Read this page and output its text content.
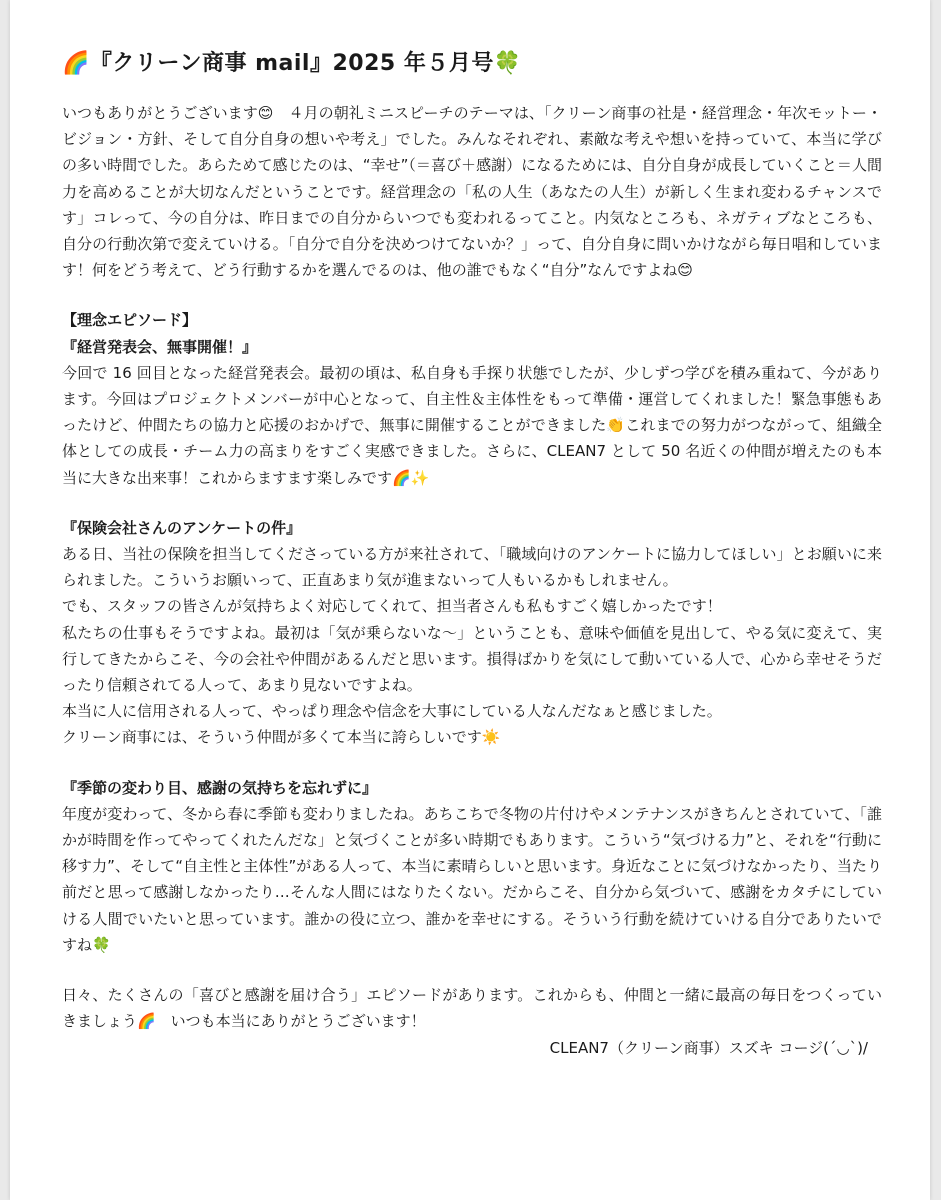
🌈『クリーン商事 mail』2025 年５月号🍀

いつもありがとうございます😊　４月の朝礼ミニスピーチのテーマは、「クリーン商事の社是・経営理念・年次モットー・ビジョン・方針、そして自分自身の想いや考え」でした。みんなそれぞれ、素敵な考えや想いを持っていて、本当に学びの多い時間でした。あらためて感じたのは、“幸せ”（＝喜び＋感謝）になるためには、自分自身が成長していくこと＝人間力を高めることが大切なんだということです。経営理念の「私の人生（あなたの人生）が新しく生まれ変わるチャンスです」コレって、今の自分は、昨日までの自分からいつでも変われるってこと。内気なところも、ネガティブなところも、自分の行動次第で変えていける。「自分で自分を決めつけてないか？」って、自分自身に問いかけながら毎日唱和しています！何をどう考えて、どう行動するかを選んでるのは、他の誰でもなく“自分”なんですよね😊

【理念エピソード】

『経営発表会、無事開催！』

今回で 16 回目となった経営発表会。最初の頃は、私自身も手探り状態でしたが、少しずつ学びを積み重ねて、今があります。今回はプロジェクトメンバーが中心となって、自主性＆主体性をもって準備・運営してくれました！緊急事態もあったけど、仲間たちの協力と応援のおかげで、無事に開催することができました👏これまでの努力がつながって、組織全体としての成長・チーム力の高まりをすごく実感できました。さらに、CLEAN7 として 50 名近くの仲間が増えたのも本当に大きな出来事！これからますます楽しみです🌈✨

『保険会社さんのアンケートの件』

ある日、当社の保険を担当してくださっている方が来社されて、「職域向けのアンケートに協力してほしい」とお願いに来られました。こういうお願いって、正直あまり気が進まないって人もいるかもしれません。
でも、スタッフの皆さんが気持ちよく対応してくれて、担当者さんも私もすごく嬉しかったです！
私たちの仕事もそうですよね。最初は「気が乗らないな～」ということも、意味や価値を見出して、やる気に変えて、実行してきたからこそ、今の会社や仲間があるんだと思います。損得ばかりを気にして動いている人で、心から幸せそうだったり信頼されてる人って、あまり見ないですよね。
本当に人に信用される人って、やっぱり理念や信念を大事にしている人なんだなぁと感じました。
クリーン商事には、そういう仲間が多くて本当に誇らしいです☀️

『季節の変わり目、感謝の気持ちを忘れずに』

年度が変わって、冬から春に季節も変わりましたね。あちこちで冬物の片付けやメンテナンスがきちんとされていて、「誰かが時間を作ってやってくれたんだな」と気づくことが多い時期でもあります。こういう“気づける力”と、それを“行動に移す力”、そして“自主性と主体性”がある人って、本当に素晴らしいと思います。身近なことに気づけなかったり、当たり前だと思って感謝しなかったり…そんな人間にはなりたくない。だからこそ、自分から気づいて、感謝をカタチにしていける人間でいたいと思っています。誰かの役に立つ、誰かを幸せにする。そういう行動を続けていける自分でありたいですね🍀

日々、たくさんの「喜びと感謝を届け合う」エピソードがあります。これからも、仲間と一緒に最高の毎日をつくっていきましょう🌈　いつも本当にありがとうございます！

CLEAN7（クリーン商事）スズキ コージ(´◡`)/
